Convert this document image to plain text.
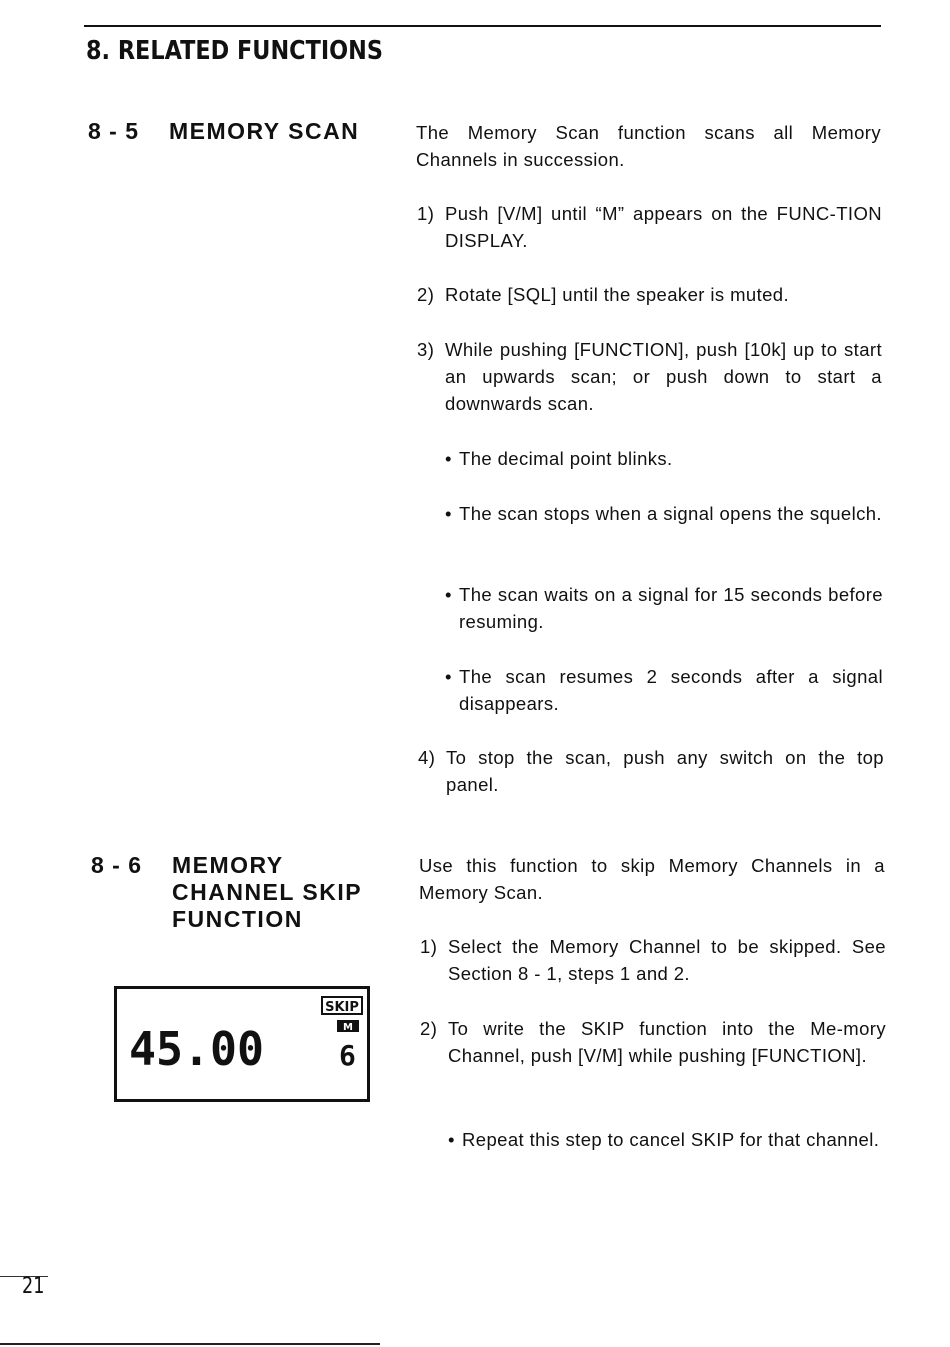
8. RELATED FUNCTIONS
8 - 5 MEMORY SCAN	The Memory Scan function scans all Memory Channels in succession.
1) Push [V/M] until “M” appears on the FUNC-TION DISPLAY.
2) Rotate [SQL] until the speaker is muted.
3) While pushing [FUNCTION], push [10k] up to start an upwards scan; or push down to start a downwards scan.
• The decimal point blinks.
• The scan stops when a signal opens the squelch.
• The scan waits on a signal for 15 seconds before resuming.
• The scan resumes 2 seconds after a signal disappears.
4) To stop the scan, push any switch on the top panel.
8 - 6 MEMORY
CHANNEL SKIP
FUNCTION
Use this function to skip Memory Channels in a Memory Scan.
1) Select the Memory Channel to be skipped. See Section 8 - 1, steps 1 and 2.
2) To write the SKIP function into the Me-mory Channel, push [V/M] while pushing [FUNCTION].
• Repeat this step to cancel SKIP for that channel.
SKIP
M
45.00	6
21
